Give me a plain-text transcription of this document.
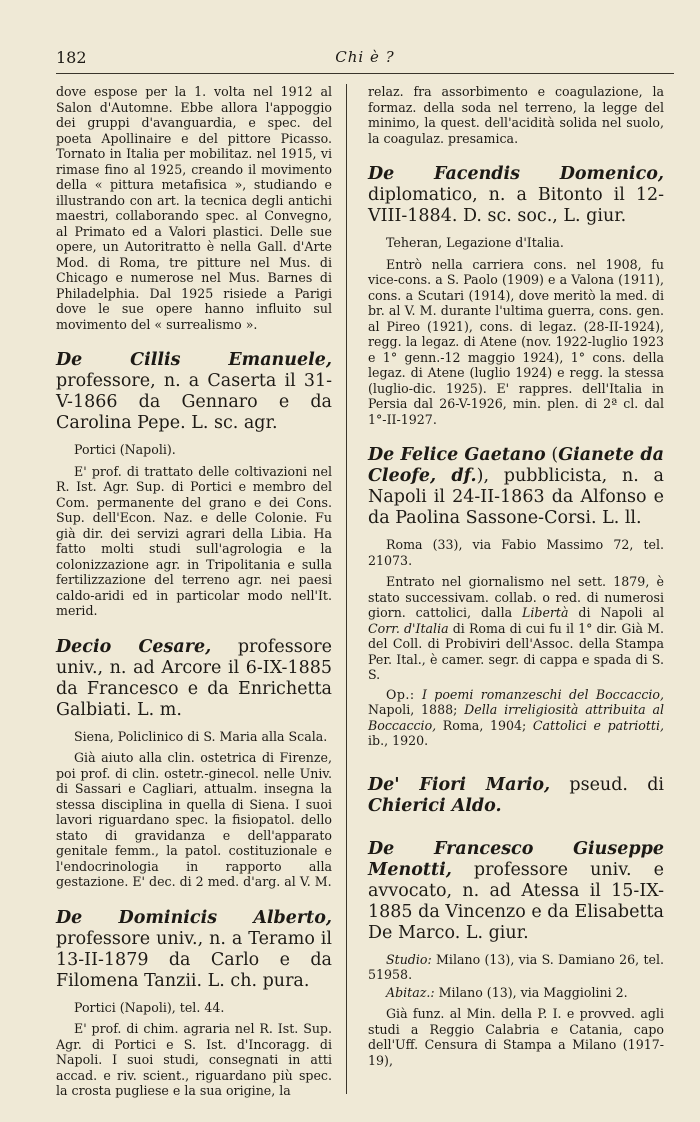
182	Chi è ?

dove espose per la 1. volta nel 1912 al Salon d'Automne. Ebbe allora l'appoggio dei gruppi d'avanguardia, e spec. del poeta Apollinaire e del pittore Picasso. Tornato in Italia per mobilitaz. nel 1915, vi rimase fino al 1925, creando il movimento della « pittura metafisica », studiando e illustrando con art. la tecnica degli antichi maestri, collaborando spec. al Convegno, al Primato ed a Valori plastici. Delle sue opere, un Autoritratto è nella Gall. d'Arte Mod. di Roma, tre pitture nel Mus. di Chicago e numerose nel Mus. Barnes di Philadelphia. Dal 1925 risiede a Parigi dove le sue opere hanno influito sul movimento del « surrealismo ».

De Cillis Emanuele, professore, n. a Caserta il 31-V-1866 da Gennaro e da Carolina Pepe. L. sc. agr.

Portici (Napoli).

E' prof. di trattato delle coltivazioni nel R. Ist. Agr. Sup. di Portici e membro del Com. permanente del grano e dei Cons. Sup. dell'Econ. Naz. e delle Colonie. Fu già dir. dei servizi agrari della Libia. Ha fatto molti studi sull'agrologia e la colonizzazione agr. in Tripolitania e sulla fertilizzazione del terreno agr. nei paesi caldo-aridi ed in particolar modo nell'It. merid.

Decio Cesare, professore univ., n. ad Arcore il 6-IX-1885 da Francesco e da Enrichetta Galbiati. L. m.

Siena, Policlinico di S. Maria alla Scala.

Già aiuto alla clin. ostetrica di Firenze, poi prof. di clin. ostetr.-ginecol. nelle Univ. di Sassari e Cagliari, attualm. insegna la stessa disciplina in quella di Siena. I suoi lavori riguardano spec. la fisiopatol. dello stato di gravidanza e dell'apparato genitale femm., la patol. costituzionale e l'endocrinologia in rapporto alla gestazione. E' dec. di 2 med. d'arg. al V. M.

De Dominicis Alberto, professore univ., n. a Teramo il 13-II-1879 da Carlo e da Filomena Tanzii. L. ch. pura.

Portici (Napoli), tel. 44.

E' prof. di chim. agraria nel R. Ist. Sup. Agr. di Portici e S. Ist. d'Incoragg. di Napoli. I suoi studi, consegnati in atti accad. e riv. scient., riguardano più spec. la crosta pugliese e la sua origine, la

relaz. fra assorbimento e coagulazione, la formaz. della soda nel terreno, la legge del minimo, la quest. dell'acidità solida nel suolo, la coagulaz. presamica.

De Facendis Domenico, diplomatico, n. a Bitonto il 12-VIII-1884. D. sc. soc., L. giur.

Teheran, Legazione d'Italia.

Entrò nella carriera cons. nel 1908, fu vice-cons. a S. Paolo (1909) e a Valona (1911), cons. a Scutari (1914), dove meritò la med. di br. al V. M. durante l'ultima guerra, cons. gen. al Pireo (1921), cons. di legaz. (28-II-1924), regg. la legaz. di Atene (nov. 1922-luglio 1923 e 1° genn.-12 maggio 1924), 1° cons. della legaz. di Atene (luglio 1924) e regg. la stessa (luglio-dic. 1925). E' rappres. dell'Italia in Persia dal 26-V-1926, min. plen. di 2ª cl. dal 1°-II-1927.

De Felice Gaetano (Gianete da Cleofe, df.), pubblicista, n. a Napoli il 24-II-1863 da Alfonso e da Paolina Sassone-Corsi. L. ll.

Roma (33), via Fabio Massimo 72, tel. 21073.

Entrato nel giornalismo nel sett. 1879, è stato successivam. collab. o red. di numerosi giorn. cattolici, dalla Libertà di Napoli al Corr. d'Italia di Roma di cui fu il 1° dir. Già M. del Coll. di Probiviri dell'Assoc. della Stampa Per. Ital., è camer. segr. di cappa e spada di S. S.

Op.: I poemi romanzeschi del Boccaccio, Napoli, 1888; Della irreligiosità attribuita al Boccaccio, Roma, 1904; Cattolici e patriotti, ib., 1920.

De' Fiori Mario, pseud. di Chierici Aldo.

De Francesco Giuseppe Menotti, professore univ. e avvocato, n. ad Atessa il 15-IX-1885 da Vincenzo e da Elisabetta De Marco. L. giur.

Studio: Milano (13), via S. Damiano 26, tel. 51958.

Abitaz.: Milano (13), via Maggiolini 2.

Già funz. al Min. della P. I. e provved. agli studi a Reggio Calabria e Catania, capo dell'Uff. Censura di Stampa a Milano (1917-19),
